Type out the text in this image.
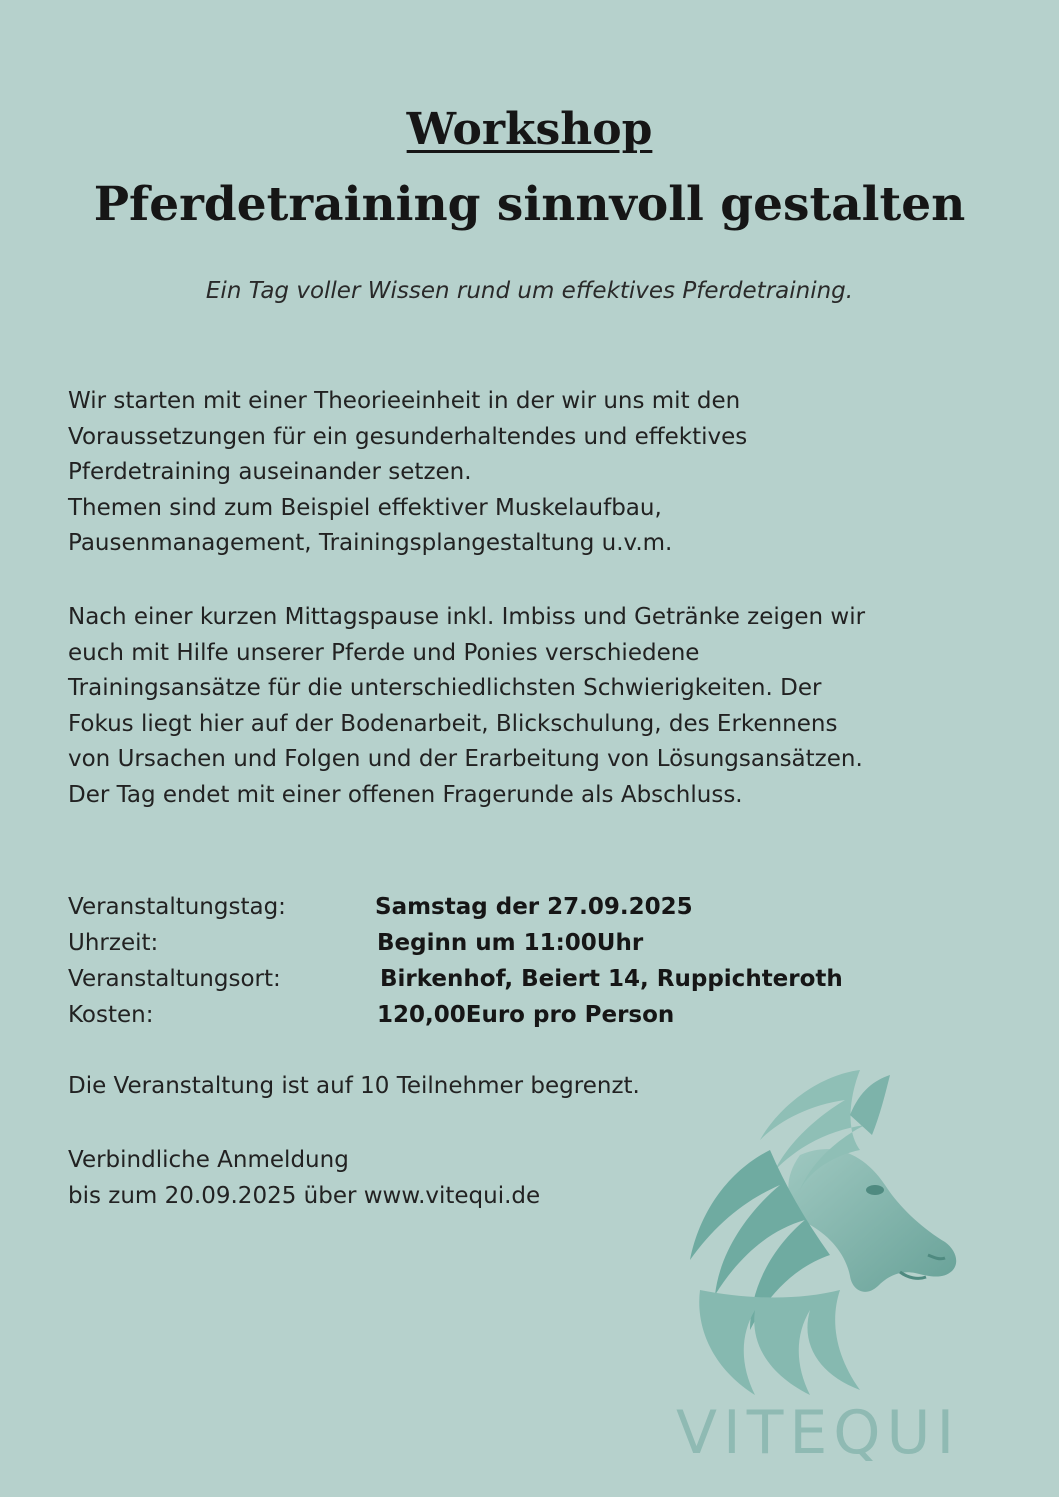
Workshop
Pferdetraining sinnvoll gestalten
Ein Tag voller Wissen rund um effektives Pferdetraining.
Wir starten mit einer Theorieeinheit in der wir uns mit den
Voraussetzungen für ein gesunderhaltendes und effektives
Pferdetraining auseinander setzen.
Themen sind zum Beispiel effektiver Muskelaufbau,
Pausenmanagement, Trainingsplangestaltung u.v.m.
Nach einer kurzen Mittagspause inkl. Imbiss und Getränke zeigen wir
euch mit Hilfe unserer Pferde und Ponies verschiedene
Trainingsansätze für die unterschiedlichsten Schwierigkeiten. Der
Fokus liegt hier auf der Bodenarbeit, Blickschulung, des Erkennens
von Ursachen und Folgen und der Erarbeitung von Lösungsansätzen.
Der Tag endet mit einer offenen Fragerunde als Abschluss.
Veranstaltungstag:	Samstag der 27.09.2025
Uhrzeit:	Beginn um 11:00Uhr
Veranstaltungsort:	Birkenhof, Beiert 14, Ruppichteroth
Kosten:	120,00Euro pro Person
Die Veranstaltung ist auf 10 Teilnehmer begrenzt.
Verbindliche Anmeldung
bis zum 20.09.2025 über www.vitequi.de
VITEQUI
